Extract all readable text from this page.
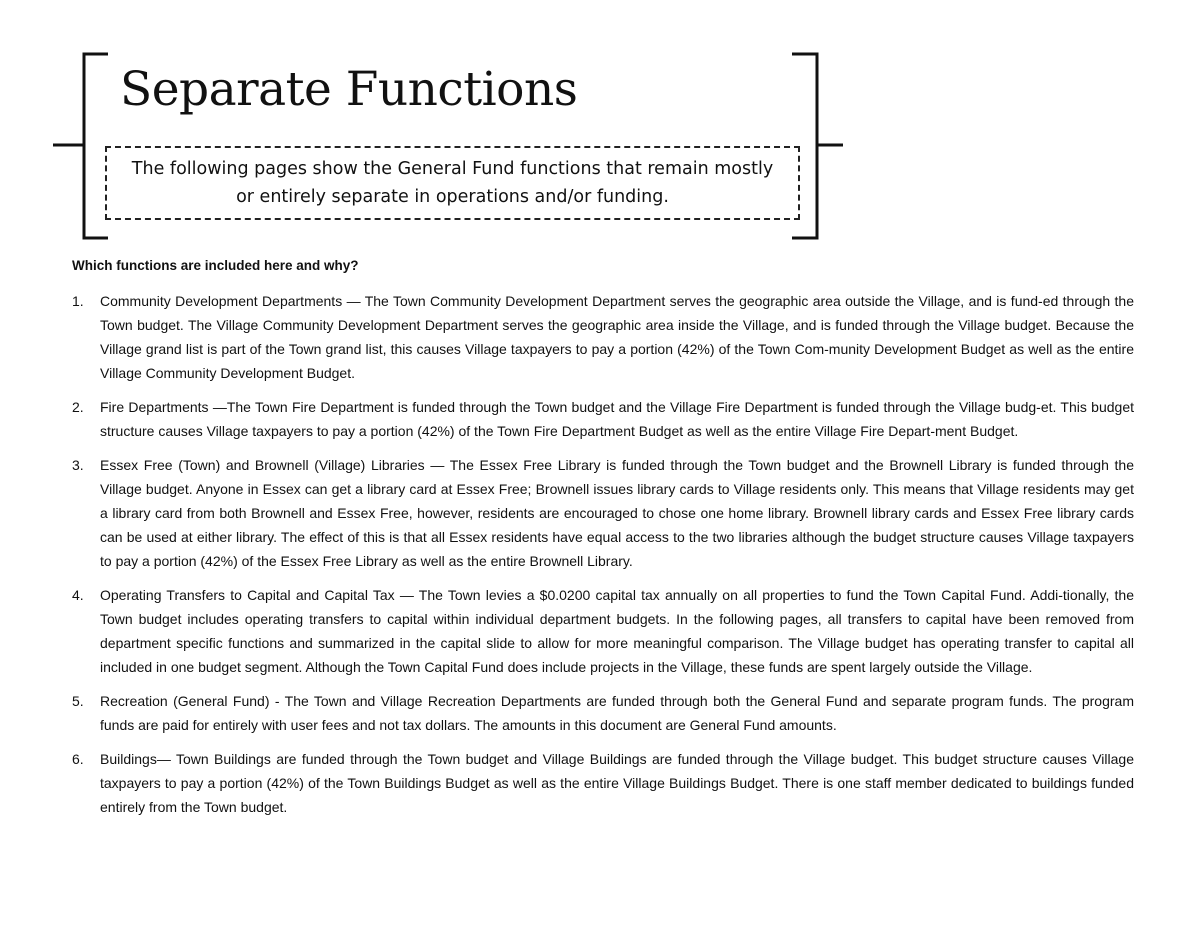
Separate Functions
The following pages show the General Fund functions that remain mostly or entirely separate in operations and/or funding.

Which functions are included here and why?

1. Community Development Departments — The Town Community Development Department serves the geographic area outside the Village, and is fund-ed through the Town budget. The Village Community Development Department serves the geographic area inside the Village, and is funded through the Village budget. Because the Village grand list is part of the Town grand list, this causes Village taxpayers to pay a portion (42%) of the Town Com-munity Development Budget as well as the entire Village Community Development Budget.
2. Fire Departments —The Town Fire Department is funded through the Town budget and the Village Fire Department is funded through the Village budg-et. This budget structure causes Village taxpayers to pay a portion (42%) of the Town Fire Department Budget as well as the entire Village Fire Depart-ment Budget.
3. Essex Free (Town) and Brownell (Village) Libraries — The Essex Free Library is funded through the Town budget and the Brownell Library is funded through the Village budget. Anyone in Essex can get a library card at Essex Free; Brownell issues library cards to Village residents only. This means that Village residents may get a library card from both Brownell and Essex Free, however, residents are encouraged to chose one home library. Brownell library cards and Essex Free library cards can be used at either library. The effect of this is that all Essex residents have equal access to the two libraries although the budget structure causes Village taxpayers to pay a portion (42%) of the Essex Free Library as well as the entire Brownell Library.
4. Operating Transfers to Capital and Capital Tax — The Town levies a $0.0200 capital tax annually on all properties to fund the Town Capital Fund. Addi-tionally, the Town budget includes operating transfers to capital within individual department budgets. In the following pages, all transfers to capital have been removed from department specific functions and summarized in the capital slide to allow for more meaningful comparison. The Village budget has operating transfer to capital all included in one budget segment. Although the Town Capital Fund does include projects in the Village, these funds are spent largely outside the Village.
5. Recreation (General Fund) - The Town and Village Recreation Departments are funded through both the General Fund and separate program funds. The program funds are paid for entirely with user fees and not tax dollars. The amounts in this document are General Fund amounts.
6. Buildings— Town Buildings are funded through the Town budget and Village Buildings are funded through the Village budget. This budget structure causes Village taxpayers to pay a portion (42%) of the Town Buildings Budget as well as the entire Village Buildings Budget. There is one staff member dedicated to buildings funded entirely from the Town budget.
